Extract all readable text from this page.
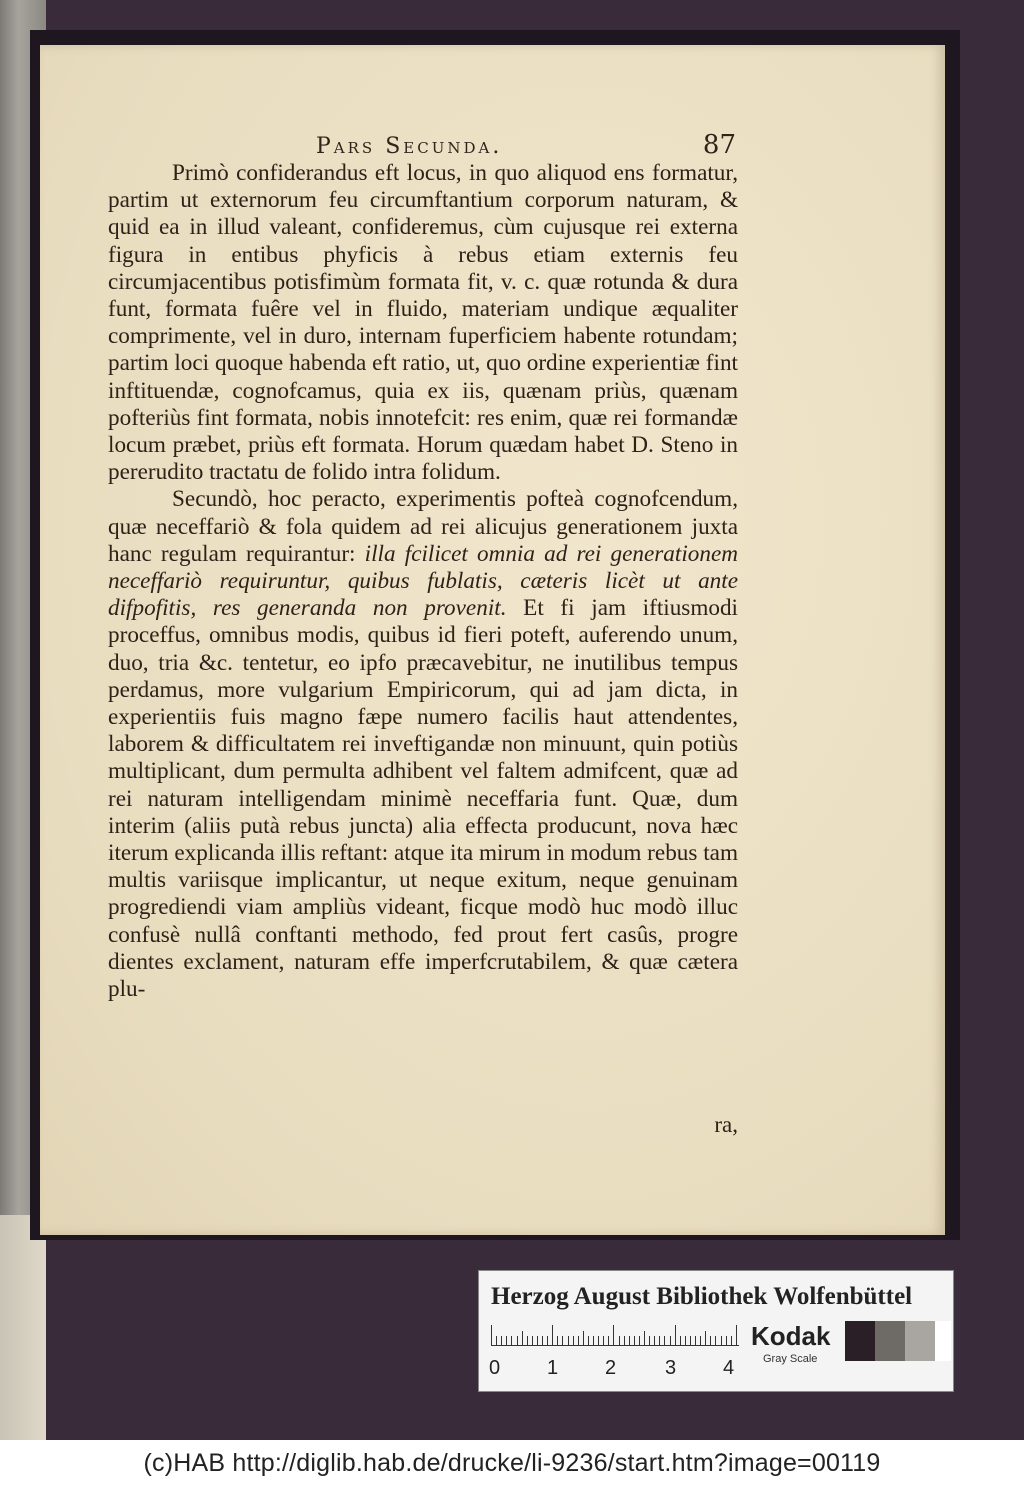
Pars Secunda.	87

Primò confiderandus eft locus, in quo aliquod ens formatur, partim ut externorum feu circumftantium corporum naturam, & quid ea in illud valeant, confideremus, cùm cujusque rei externa figura in entibus phyficis à rebus etiam externis feu circumjacentibus potisfimùm formata fit, v. c. quæ rotunda & dura funt, formata fuêre vel in fluido, materiam undique æqualiter comprimente, vel in duro, internam fuperficiem habente rotundam; partim loci quoque habenda eft ratio, ut, quo ordine experientiæ fint inftituendæ, cognofcamus, quia ex iis, quænam priùs, quænam pofteriùs fint formata, nobis innotefcit: res enim, quæ rei formandæ locum præbet, priùs eft formata. Horum quædam habet D. Steno in pererudito tractatu de folido intra folidum.

Secundò, hoc peracto, experimentis pofteà cognofcendum, quæ neceffariò & fola quidem ad rei alicujus generationem juxta hanc regulam requirantur: illa fcilicet omnia ad rei generationem neceffariò requiruntur, quibus fublatis, cæteris licèt ut ante difpofitis, res generanda non provenit. Et fi jam iftiusmodi proceffus, omnibus modis, quibus id fieri poteft, auferendo unum, duo, tria &c. tentetur, eo ipfo præcavebitur, ne inutilibus tempus perdamus, more vulgarium Empiricorum, qui ad jam dicta, in experientiis fuis magno fæpe numero facilis haut attendentes, laborem & difficultatem rei inveftigandæ non minuunt, quin potiùs multiplicant, dum permulta adhibent vel faltem admifcent, quæ ad rei naturam intelligendam minimè neceffaria funt. Quæ, dum interim (aliis putà rebus juncta) alia effecta producunt, nova hæc iterum explicanda illis reftant: atque ita mirum in modum rebus tam multis variisque implicantur, ut neque exitum, neque genuinam progrediendi viam ampliùs videant, ficque modò huc modò illuc confusè nullâ conftanti methodo, fed prout fert casûs, progre dientes exclament, naturam effe imperfcrutabilem, & quæ cætera plu-

ra,
Herzog August Bibliothek Wolfenbüttel
0 1 2 3 4
Kodak
Gray Scale
(c)HAB http://diglib.hab.de/drucke/li-9236/start.htm?image=00119
